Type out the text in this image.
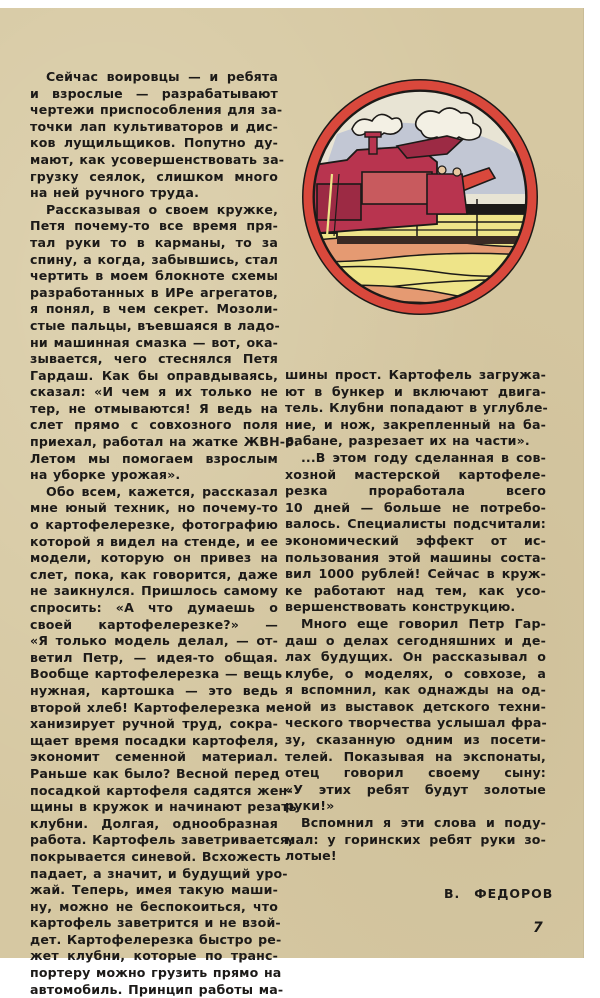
Сейчас воировцы — и ребята
и взрослые — разрабатывают
чертежи приспособления для за-
точки лап культиваторов и дис-
ков лущильщиков. Попутно ду-
мают, как усовершенствовать за-
грузку сеялок, слишком много
на ней ручного труда.
Рассказывая о своем кружке,
Петя почему-то все время пря-
тал руки то в карманы, то за
спину, а когда, забывшись, стал
чертить в моем блокноте схемы
разработанных в ИРе агрегатов,
я понял, в чем секрет. Мозоли-
стые пальцы, въевшаяся в ладо-
ни машинная смазка — вот, ока-
зывается, чего стеснялся Петя
Гардаш. Как бы оправдываясь,
сказал: «И чем я их только не
тер, не отмываются! Я ведь на
слет прямо с совхозного поля
приехал, работал на жатке ЖВН-6.
Летом мы помогаем взрослым
на уборке урожая».
Обо всем, кажется, рассказал
мне юный техник, но почему-то
о картофелерезке, фотографию
которой я видел на стенде, и ее
модели, которую он привез на
слет, пока, как говорится, даже
не заикнулся. Пришлось самому
спросить: «А что думаешь о
своей картофелерезке?» —
«Я только модель делал, — от-
ветил Петр, — идея-то общая.
Вообще картофелерезка — вещь
нужная, картошка — это ведь
второй хлеб! Картофелерезка ме-
ханизирует ручной труд, сокра-
щает время посадки картофеля,
экономит семенной материал.
Раньше как было? Весной перед
посадкой картофеля садятся жен-
щины в кружок и начинают резать
клубни. Долгая, однообразная
работа. Картофель заветривается,
покрывается синевой. Всхожесть
падает, а значит, и будущий уро-
жай. Теперь, имея такую маши-
ну, можно не беспокоиться, что
картофель заветрится и не взой-
дет. Картофелерезка быстро ре-
жет клубни, которые по транс-
портеру можно грузить прямо на
автомобиль. Принцип работы ма-
шины прост. Картофель загружа-
ют в бункер и включают двига-
тель. Клубни попадают в углубле-
ние, и нож, закрепленный на ба-
рабане, разрезает их на части».
...В этом году сделанная в сов-
хозной мастерской картофеле-
резка проработала всего
10 дней — больше не потребо-
валось. Специалисты подсчитали:
экономический эффект от ис-
пользования этой машины соста-
вил 1000 рублей! Сейчас в круж-
ке работают над тем, как усо-
вершенствовать конструкцию.
Много еще говорил Петр Гар-
даш о делах сегодняшних и де-
лах будущих. Он рассказывал о
клубе, о моделях, о совхозе, а
я вспомнил, как однажды на од-
ной из выставок детского техни-
ческого творчества услышал фра-
зу, сказанную одним из посети-
телей. Показывая на экспонаты,
отец говорил своему сыну:
«У этих ребят будут золотые
руки!»
Вспомнил я эти слова и поду-
мал: у горинских ребят руки зо-
лотые!
В. ФЕДОРОВ
7
